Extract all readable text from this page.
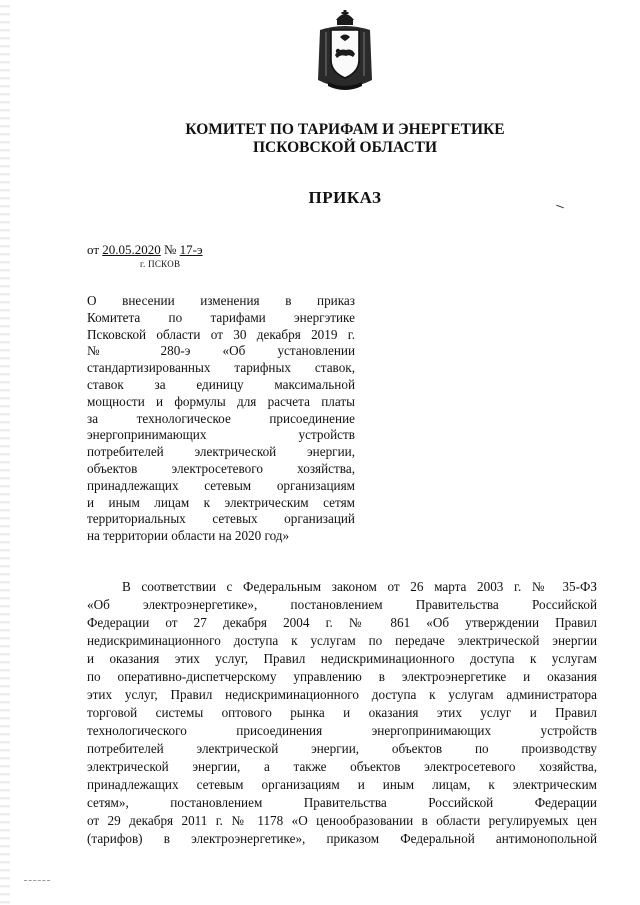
КОМИТЕТ ПО ТАРИФАМ И ЭНЕРГЕТИКЕ
ПСКОВСКОЙ ОБЛАСТИ
ПРИКАЗ
от 20.05.2020 № 17-э
г. ПСКОВ
О внесении изменения в приказ
Комитета по тарифами энергэтике
Псковской области от 30 декабря 2019 г.
№ 280-э «Об установлении
стандартизированных тарифных ставок,
ставок за единицу максимальной
мощности и формулы для расчета платы
за технологическое присоединение
энергопринимающих устройств
потребителей электрической энергии,
объектов электросетевого хозяйства,
принадлежащих сетевым организациям
и иным лицам к электрическим сетям
территориальных сетевых организаций
на территории области на 2020 год»
В соответствии с Федеральным законом от 26 марта 2003 г. № 35-ФЗ
«Об электроэнергетике», постановлением Правительства Российской
Федерации от 27 декабря 2004 г. № 861 «Об утверждении Правил
недискриминационного доступа к услугам по передаче электрической энергии
и оказания этих услуг, Правил недискриминационного доступа к услугам
по оперативно-диспетчерскому управлению в электроэнергетике и оказания
этих услуг, Правил недискриминационного доступа к услугам администратора
торговой системы оптового рынка и оказания этих услуг и Правил
технологического присоединения энергопринимающих устройств
потребителей электрической энергии, объектов по производству
электрической энергии, а также объектов электросетевого хозяйства,
принадлежащих сетевым организациям и иным лицам, к электрическим
сетям», постановлением Правительства Российской Федерации
от 29 декабря 2011 г. № 1178 «О ценообразовании в области регулируемых цен
(тарифов) в электроэнергетике», приказом Федеральной антимонопольной
